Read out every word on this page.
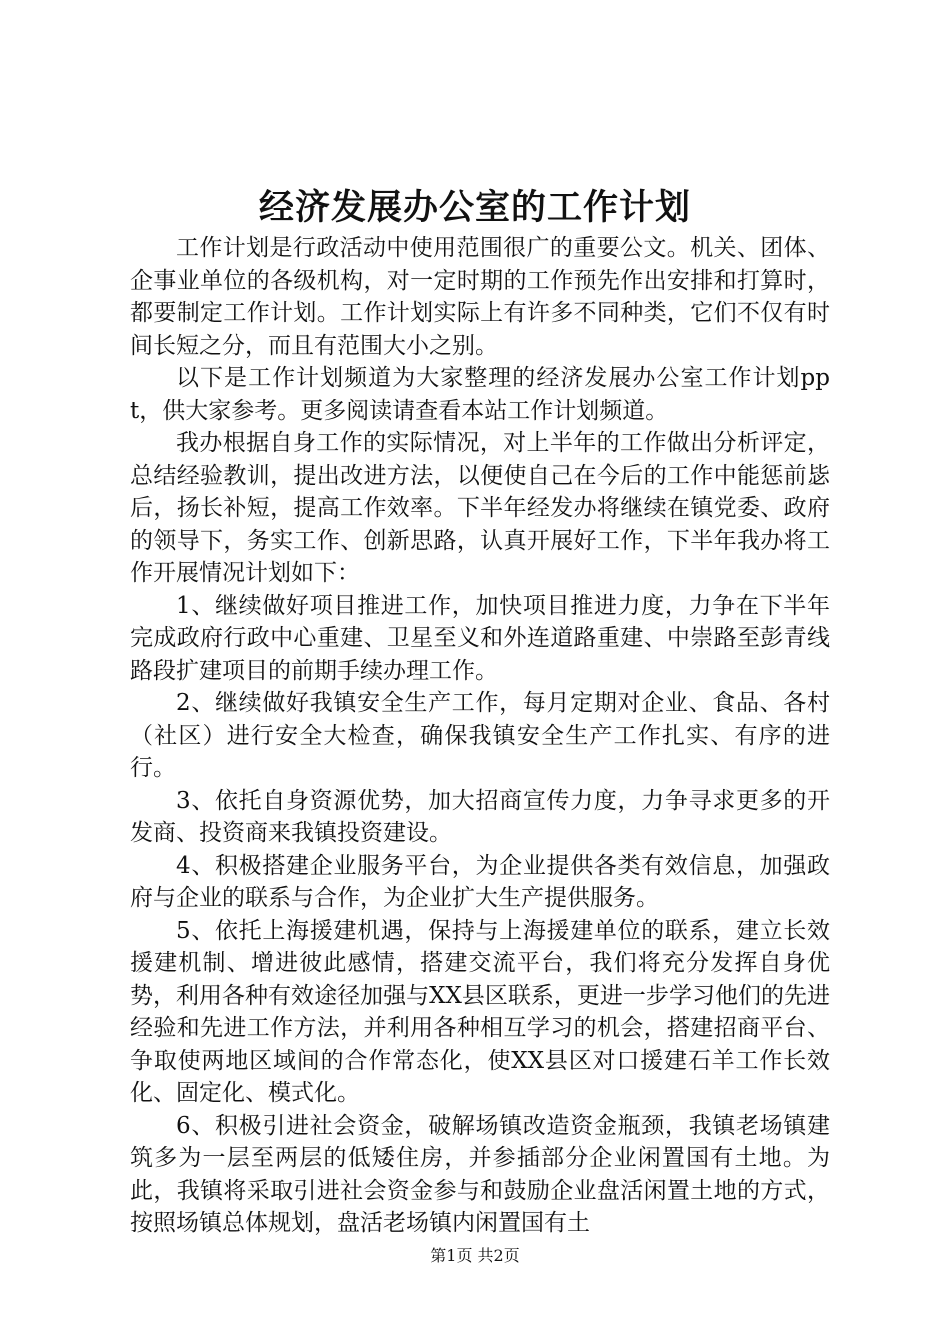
经济发展办公室的工作计划

工作计划是行政活动中使用范围很广的重要公文。机关、团体、企事业单位的各级机构，对一定时期的工作预先作出安排和打算时，都要制定工作计划。工作计划实际上有许多不同种类，它们不仅有时间长短之分，而且有范围大小之别。

以下是工作计划频道为大家整理的经济发展办公室工作计划ppt，供大家参考。更多阅读请查看本站工作计划频道。

我办根据自身工作的实际情况，对上半年的工作做出分析评定，总结经验教训，提出改进方法，以便使自己在今后的工作中能惩前毖后，扬长补短，提高工作效率。下半年经发办将继续在镇党委、政府的领导下，务实工作、创新思路，认真开展好工作，下半年我办将工作开展情况计划如下：

1、继续做好项目推进工作，加快项目推进力度，力争在下半年完成政府行政中心重建、卫星至义和外连道路重建、中崇路至彭青线路段扩建项目的前期手续办理工作。

2、继续做好我镇安全生产工作，每月定期对企业、食品、各村（社区）进行安全大检查，确保我镇安全生产工作扎实、有序的进行。

3、依托自身资源优势，加大招商宣传力度，力争寻求更多的开发商、投资商来我镇投资建设。

4、积极搭建企业服务平台，为企业提供各类有效信息，加强政府与企业的联系与合作，为企业扩大生产提供服务。

5、依托上海援建机遇，保持与上海援建单位的联系，建立长效援建机制、增进彼此感情，搭建交流平台，我们将充分发挥自身优势，利用各种有效途径加强与XX县区联系，更进一步学习他们的先进经验和先进工作方法，并利用各种相互学习的机会，搭建招商平台、争取使两地区域间的合作常态化，使XX县区对口援建石羊工作长效化、固定化、模式化。

6、积极引进社会资金，破解场镇改造资金瓶颈，我镇老场镇建筑多为一层至两层的低矮住房，并参插部分企业闲置国有土地。为此，我镇将采取引进社会资金参与和鼓励企业盘活闲置土地的方式，按照场镇总体规划，盘活老场镇内闲置国有土

第1页 共2页
